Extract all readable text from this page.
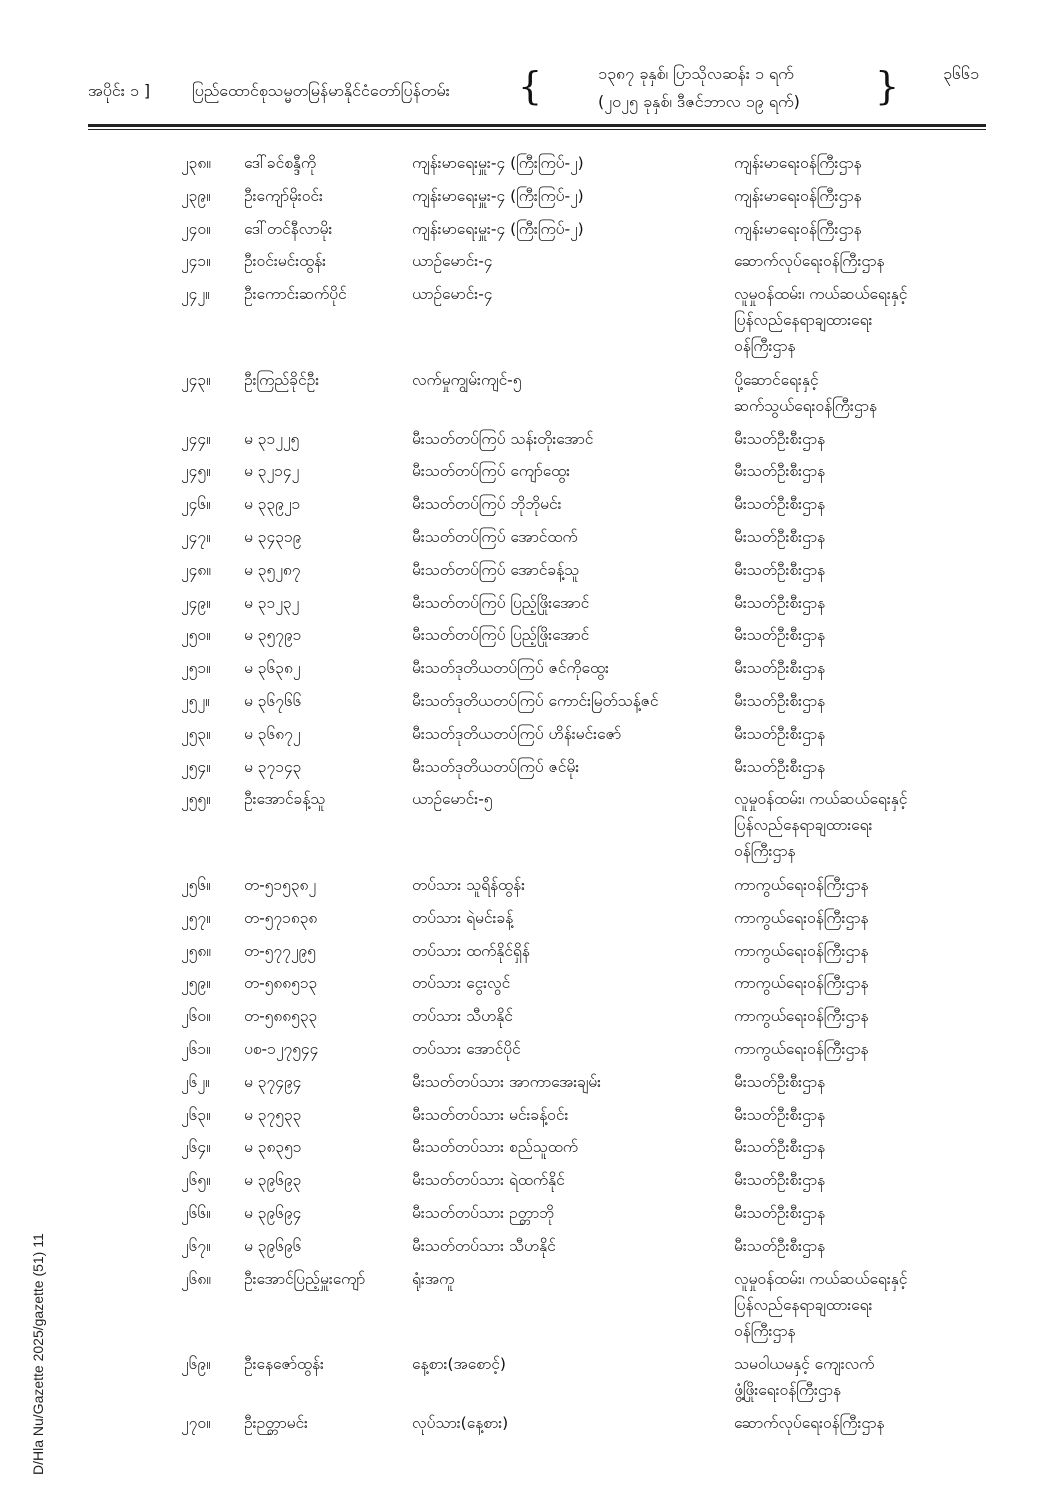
အပိုင်း ၁ ]	ပြည်ထောင်စုသမ္မတမြန်မာနိုင်ငံတော်ပြန်တမ်း {	၁၃၈၇ ခုနှစ်၊ ပြာသိုလဆန်း ၁ ရက်
(၂၀၂၅ ခုနှစ်၊ ဒီဇင်ဘာလ ၁၉ ရက်) }	၃၆၆၁
၂၃၈။ ဒေါ်ခင်စန္ဒီကို	ကျန်းမာရေးမှူး-၄ (ကြီးကြပ်-၂)	ကျန်းမာရေးဝန်ကြီးဌာန
၂၃၉။ ဦးကျော်မိုးဝင်း	ကျန်းမာရေးမှူး-၄ (ကြီးကြပ်-၂)	ကျန်းမာရေးဝန်ကြီးဌာန
၂၄၀။ ဒေါ်တင်နီလာမိုး	ကျန်းမာရေးမှူး-၄ (ကြီးကြပ်-၂)	ကျန်းမာရေးဝန်ကြီးဌာန
၂၄၁။ ဦးဝင်းမင်းထွန်း	ယာဉ်မောင်း-၄	ဆောက်လုပ်ရေးဝန်ကြီးဌာန
၂၄၂။ ဦးကောင်းဆက်ပိုင်	ယာဉ်မောင်း-၄	လူမှုဝန်ထမ်း၊ ကယ်ဆယ်ရေးနှင့်
ပြန်လည်နေရာချထားရေး
ဝန်ကြီးဌာန
၂၄၃။ ဦးကြည်ခိုင်ဦး	လက်မှုကျွမ်းကျင်-၅	ပို့ဆောင်ရေးနှင့်
ဆက်သွယ်ရေးဝန်ကြီးဌာန
၂၄၄။ မ ၃၁၂၂၅	မီးသတ်တပ်ကြပ် သန်းတိုးအောင်	မီးသတ်ဦးစီးဌာန
၂၄၅။ မ ၃၂၁၄၂	မီးသတ်တပ်ကြပ် ကျော်ထွေး	မီးသတ်ဦးစီးဌာန
၂၄၆။ မ ၃၃၉၂၁	မီးသတ်တပ်ကြပ် ဘိုဘိုမင်း	မီးသတ်ဦးစီးဌာန
၂၄၇။ မ ၃၄၃၁၉	မီးသတ်တပ်ကြပ် အောင်ထက်	မီးသတ်ဦးစီးဌာန
၂၄၈။ မ ၃၅၂၈၇	မီးသတ်တပ်ကြပ် အောင်ခန့်သူ	မီးသတ်ဦးစီးဌာန
၂၄၉။ မ ၃၁၂၃၂	မီးသတ်တပ်ကြပ် ပြည့်ဖြိုးအောင်	မီးသတ်ဦးစီးဌာန
၂၅၀။ မ ၃၅၇၉၁	မီးသတ်တပ်ကြပ် ပြည့်ဖြိုးအောင်	မီးသတ်ဦးစီးဌာန
၂၅၁။ မ ၃၆၃၈၂	မီးသတ်ဒုတိယတပ်ကြပ် ဇင်ကိုထွေး	မီးသတ်ဦးစီးဌာန
၂၅၂။ မ ၃၆၇၆၆	မီးသတ်ဒုတိယတပ်ကြပ် ကောင်းမြတ်သန့်ဇင်	မီးသတ်ဦးစီးဌာန
၂၅၃။ မ ၃၆၈၇၂	မီးသတ်ဒုတိယတပ်ကြပ် ဟိန်းမင်းဇော်	မီးသတ်ဦးစီးဌာန
၂၅၄။ မ ၃၇၁၄၃	မီးသတ်ဒုတိယတပ်ကြပ် ဇင်မိုး	မီးသတ်ဦးစီးဌာန
၂၅၅။ ဦးအောင်ခန့်သူ	ယာဉ်မောင်း-၅	လူမှုဝန်ထမ်း၊ ကယ်ဆယ်ရေးနှင့်
ပြန်လည်နေရာချထားရေး
ဝန်ကြီးဌာန
၂၅၆။ တ-၅၁၅၃၈၂	တပ်သား သူရိန်ထွန်း	ကာကွယ်ရေးဝန်ကြီးဌာန
၂၅၇။ တ-၅၇၁၈၃၈	တပ်သား ရဲမင်းခန့်	ကာကွယ်ရေးဝန်ကြီးဌာန
၂၅၈။ တ-၅၇၇၂၉၅	တပ်သား ထက်နိုင်ရှိန်	ကာကွယ်ရေးဝန်ကြီးဌာန
၂၅၉။ တ-၅၈၈၅၁၃	တပ်သား ငွေးလွင်	ကာကွယ်ရေးဝန်ကြီးဌာန
၂၆၀။ တ-၅၈၈၅၃၃	တပ်သား သီဟနိုင်	ကာကွယ်ရေးဝန်ကြီးဌာန
၂၆၁။ ပစ-၁၂၇၅၄၄	တပ်သား အောင်ပိုင်	ကာကွယ်ရေးဝန်ကြီးဌာန
၂၆၂။ မ ၃၇၄၉၄	မီးသတ်တပ်သား အာကာအေးချမ်း	မီးသတ်ဦးစီးဌာန
၂၆၃။ မ ၃၇၅၃၃	မီးသတ်တပ်သား မင်းခန့်ဝင်း	မီးသတ်ဦးစီးဌာန
၂၆၄။ မ ၃၈၃၅၁	မီးသတ်တပ်သား စည်သူထက်	မီးသတ်ဦးစီးဌာန
၂၆၅။ မ ၃၉၆၉၃	မီးသတ်တပ်သား ရဲထက်နိုင်	မီးသတ်ဦးစီးဌာန
၂၆၆။ မ ၃၉၆၉၄	မီးသတ်တပ်သား ဉတ္တာဘို	မီးသတ်ဦးစီးဌာန
၂၆၇။ မ ၃၉၆၉၆	မီးသတ်တပ်သား သီဟနိုင်	မီးသတ်ဦးစီးဌာန
၂၆၈။ ဦးအောင်ပြည့်မှူးကျော်	ရုံးအကူ	လူမှုဝန်ထမ်း၊ ကယ်ဆယ်ရေးနှင့်
ပြန်လည်နေရာချထားရေး
ဝန်ကြီးဌာန
၂၆၉။ ဦးနေဇော်ထွန်း	နေ့စား(အစောင့်)	သမဝါယမနှင့် ကျေးလက်
ဖွံ့ဖြိုးရေးဝန်ကြီးဌာန
၂၇၀။ ဦးဉတ္တာမင်း	လုပ်သား(နေ့စား)	ဆောက်လုပ်ရေးဝန်ကြီးဌာန
D/Hla Nu/Gazette 2025/gazette (51) 11
